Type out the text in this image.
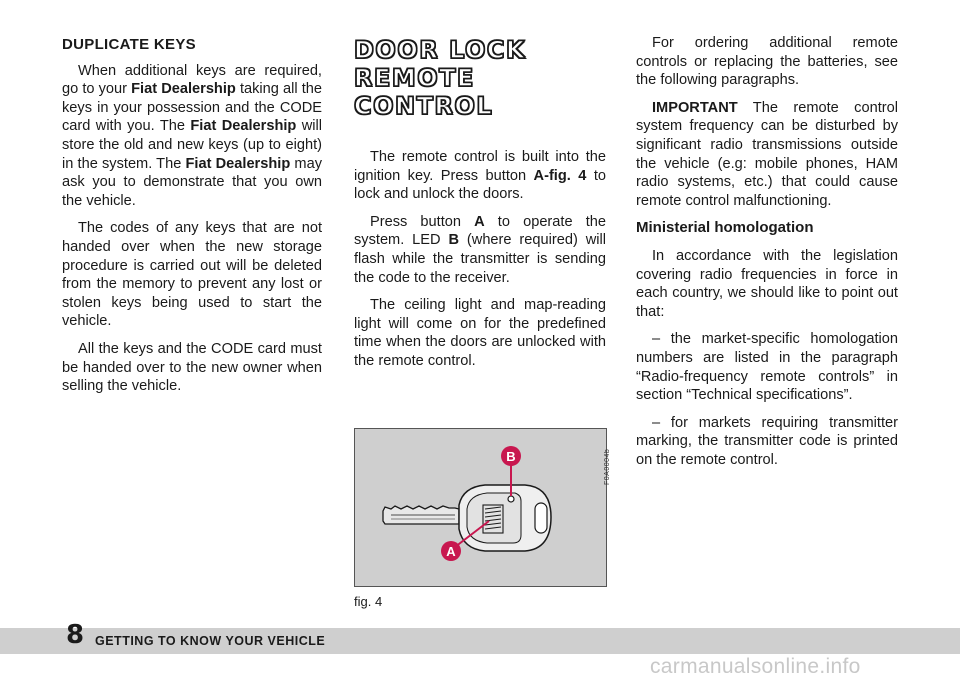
DUPLICATE KEYS

When additional keys are required, go to your Fiat Dealership taking all the keys in your possession and the CODE card with you. The Fiat Dealership will store the old and new keys (up to eight) in the system. The Fiat Dealership may ask you to demonstrate that you own the vehicle.

The codes of any keys that are not handed over when the new storage procedure is carried out will be deleted from the memory to prevent any lost or stolen keys being used to start the vehicle.

All the keys and the CODE card must be handed over to the new owner when selling the vehicle.

DOOR LOCK
REMOTE CONTROL

The remote control is built into the ignition key. Press button A-fig. 4 to lock and unlock the doors.

Press button A to operate the system. LED B (where required) will flash while the transmitter is sending the code to the receiver.

The ceiling light and map-reading light will come on for the predefined time when the doors are unlocked with the remote control.

For ordering additional remote controls or replacing the batteries, see the following paragraphs.

IMPORTANT The remote control system frequency can be disturbed by significant radio transmissions outside the vehicle (e.g: mobile phones, HAM radio systems, etc.) that could cause remote control malfunctioning.

Ministerial homologation

In accordance with the legislation covering radio frequencies in force in each country, we should like to point out that:

– the market-specific homologation numbers are listed in the paragraph “Radio-frequency remote controls” in section “Technical specifications”.

– for markets requiring transmitter marking, the transmitter code is printed on the remote control.

B
A
F0A0004b
fig. 4
8 GETTING TO KNOW YOUR VEHICLE
carmanualsonline.info
